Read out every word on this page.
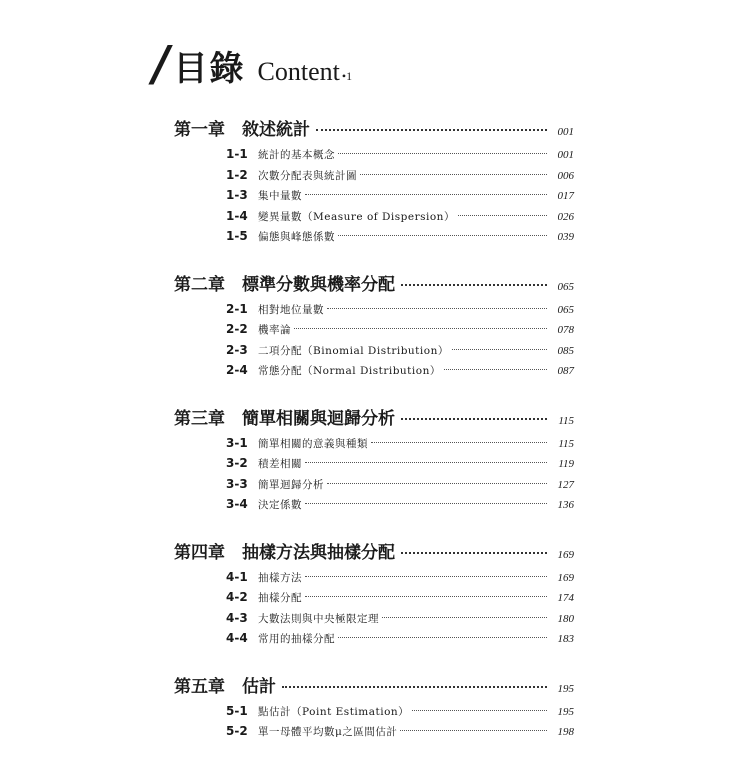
/ 目錄 Content •1
第一章	敘述統計	001
1-1 統計的基本概念	001
1-2 次數分配表與統計圖	006
1-3 集中量數	017
1-4 變異量數（Measure of Dispersion）	026
1-5 偏態與峰態係數	039
第二章	標準分數與機率分配	065
2-1 相對地位量數	065
2-2 機率論	078
2-3 二項分配（Binomial Distribution）	085
2-4 常態分配（Normal Distribution）	087
第三章	簡單相關與迴歸分析	115
3-1 簡單相關的意義與種類	115
3-2 積差相關	119
3-3 簡單迴歸分析	127
3-4 決定係數	136
第四章	抽樣方法與抽樣分配	169
4-1 抽樣方法	169
4-2 抽樣分配	174
4-3 大數法則與中央極限定理	180
4-4 常用的抽樣分配	183
第五章	估計	195
5-1 點估計（Point Estimation）	195
5-2 單一母體平均數μ之區間估計	198
